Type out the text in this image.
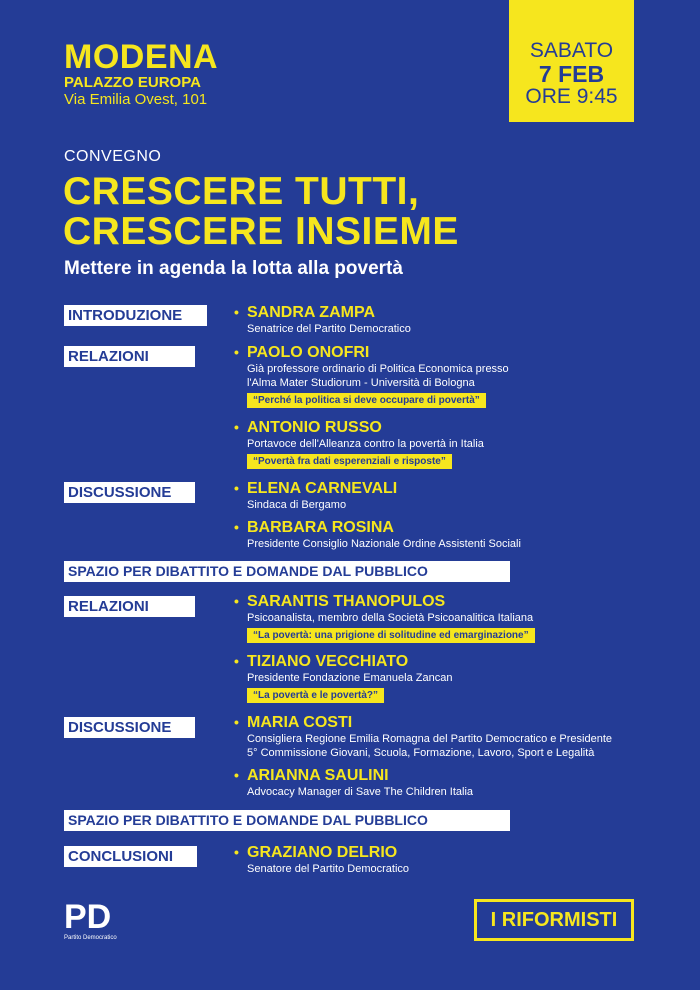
MODENA
PALAZZO EUROPA
Via Emilia Ovest, 101
SABATO
7 FEB
ORE 9:45
CONVEGNO
CRESCERE TUTTI,
CRESCERE INSIEME
Mettere in agenda la lotta alla povertà
INTRODUZIONE	• SANDRA ZAMPA
Senatrice del Partito Democratico
RELAZIONI	• PAOLO ONOFRI
Già professore ordinario di Politica Economica presso
l'Alma Mater Studiorum - Università di Bologna
“Perché la politica si deve occupare di povertà”
• ANTONIO RUSSO
Portavoce dell'Alleanza contro la povertà in Italia
“Povertà fra dati esperenziali e risposte”
DISCUSSIONE	• ELENA CARNEVALI
Sindaca di Bergamo
• BARBARA ROSINA
Presidente Consiglio Nazionale Ordine Assistenti Sociali
SPAZIO PER DIBATTITO E DOMANDE DAL PUBBLICO
RELAZIONI	• SARANTIS THANOPULOS
Psicoanalista, membro della Società Psicoanalitica Italiana
“La povertà: una prigione di solitudine ed emarginazione”
• TIZIANO VECCHIATO
Presidente Fondazione Emanuela Zancan
“La povertà e le povertà?”
DISCUSSIONE	• MARIA COSTI
Consigliera Regione Emilia Romagna del Partito Democratico e Presidente
5° Commissione Giovani, Scuola, Formazione, Lavoro, Sport e Legalità
• ARIANNA SAULINI
Advocacy Manager di Save The Children Italia
SPAZIO PER DIBATTITO E DOMANDE DAL PUBBLICO
CONCLUSIONI	• GRAZIANO DELRIO
Senatore del Partito Democratico
PD
Partito Democratico
I RIFORMISTI
